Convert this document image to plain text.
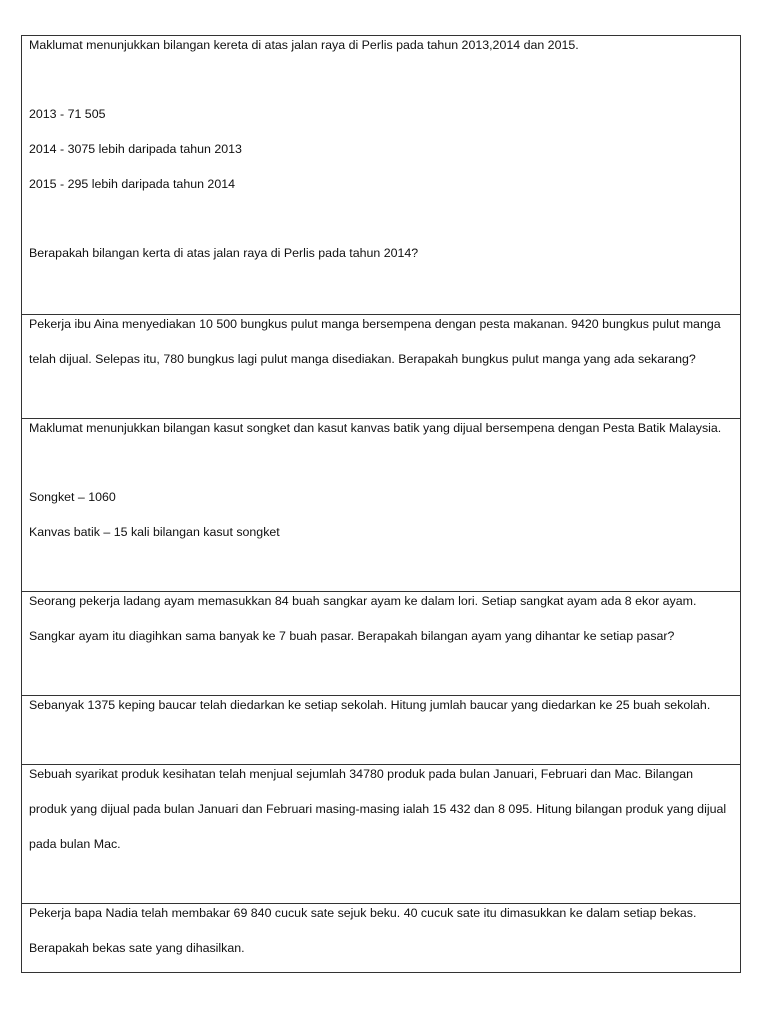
Maklumat menunjukkan bilangan kereta di atas jalan raya di Perlis pada tahun 2013,2014 dan 2015.
2013 - 71 505
2014 - 3075 lebih daripada tahun 2013
2015 - 295 lebih daripada tahun 2014
Berapakah bilangan kerta di atas jalan raya di Perlis pada tahun 2014?
Pekerja ibu Aina menyediakan 10 500 bungkus pulut manga bersempena dengan pesta makanan. 9420 bungkus pulut manga
telah dijual. Selepas itu, 780 bungkus lagi pulut manga disediakan. Berapakah bungkus pulut manga yang ada sekarang?
Maklumat menunjukkan bilangan kasut songket dan kasut kanvas batik yang dijual bersempena dengan Pesta Batik Malaysia.
Songket – 1060
Kanvas batik – 15 kali bilangan kasut songket
Seorang pekerja ladang ayam memasukkan 84 buah sangkar ayam ke dalam lori. Setiap sangkat ayam ada 8 ekor ayam.
Sangkar ayam itu diagihkan sama banyak ke 7 buah pasar. Berapakah bilangan ayam yang dihantar ke setiap pasar?
Sebanyak 1375 keping baucar telah diedarkan ke setiap sekolah. Hitung jumlah baucar yang diedarkan ke 25 buah sekolah.
Sebuah syarikat produk kesihatan telah menjual sejumlah 34780 produk pada bulan Januari, Februari dan Mac. Bilangan
produk yang dijual pada bulan Januari dan Februari masing-masing ialah 15 432 dan 8 095. Hitung bilangan produk yang dijual
pada bulan Mac.
Pekerja bapa Nadia telah membakar 69 840 cucuk sate sejuk beku. 40 cucuk sate itu dimasukkan ke dalam setiap bekas.
Berapakah bekas sate yang dihasilkan.
